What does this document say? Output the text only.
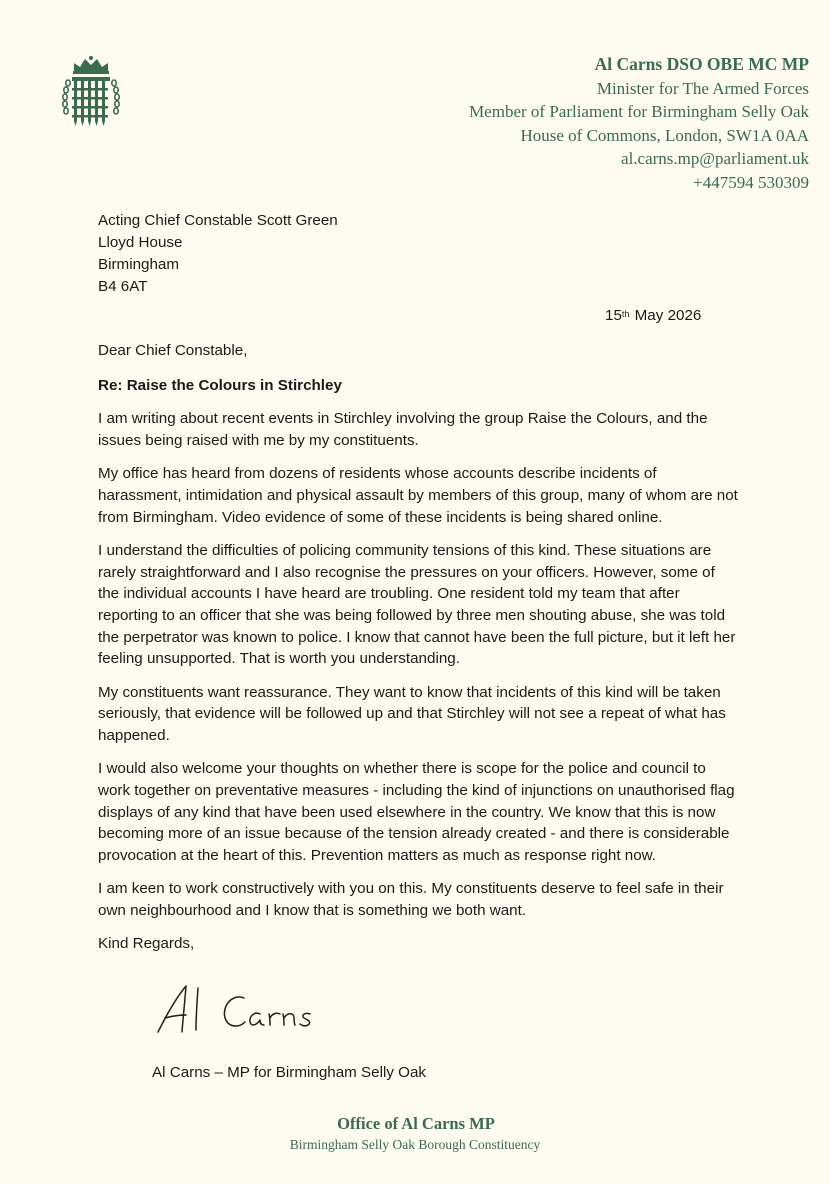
Al Carns DSO OBE MC MP
Minister for The Armed Forces
Member of Parliament for Birmingham Selly Oak
House of Commons, London, SW1A 0AA
al.carns.mp@parliament.uk
+447594 530309
Acting Chief Constable Scott Green
Lloyd House
Birmingham
B4 6AT
15th May 2026

Dear Chief Constable,

Re: Raise the Colours in Stirchley

I am writing about recent events in Stirchley involving the group Raise the Colours, and the issues being raised with me by my constituents.

My office has heard from dozens of residents whose accounts describe incidents of harassment, intimidation and physical assault by members of this group, many of whom are not from Birmingham. Video evidence of some of these incidents is being shared online.

I understand the difficulties of policing community tensions of this kind. These situations are rarely straightforward and I also recognise the pressures on your officers. However, some of the individual accounts I have heard are troubling. One resident told my team that after reporting to an officer that she was being followed by three men shouting abuse, she was told the perpetrator was known to police. I know that cannot have been the full picture, but it left her feeling unsupported. That is worth you understanding.

My constituents want reassurance. They want to know that incidents of this kind will be taken seriously, that evidence will be followed up and that Stirchley will not see a repeat of what has happened.

I would also welcome your thoughts on whether there is scope for the police and council to work together on preventative measures - including the kind of injunctions on unauthorised flag displays of any kind that have been used elsewhere in the country. We know that this is now becoming more of an issue because of the tension already created - and there is considerable provocation at the heart of this. Prevention matters as much as response right now.

I am keen to work constructively with you on this. My constituents deserve to feel safe in their own neighbourhood and I know that is something we both want.

Kind Regards,

Al Carns – MP for Birmingham Selly Oak
Office of Al Carns MP
Birmingham Selly Oak Borough Constituency
